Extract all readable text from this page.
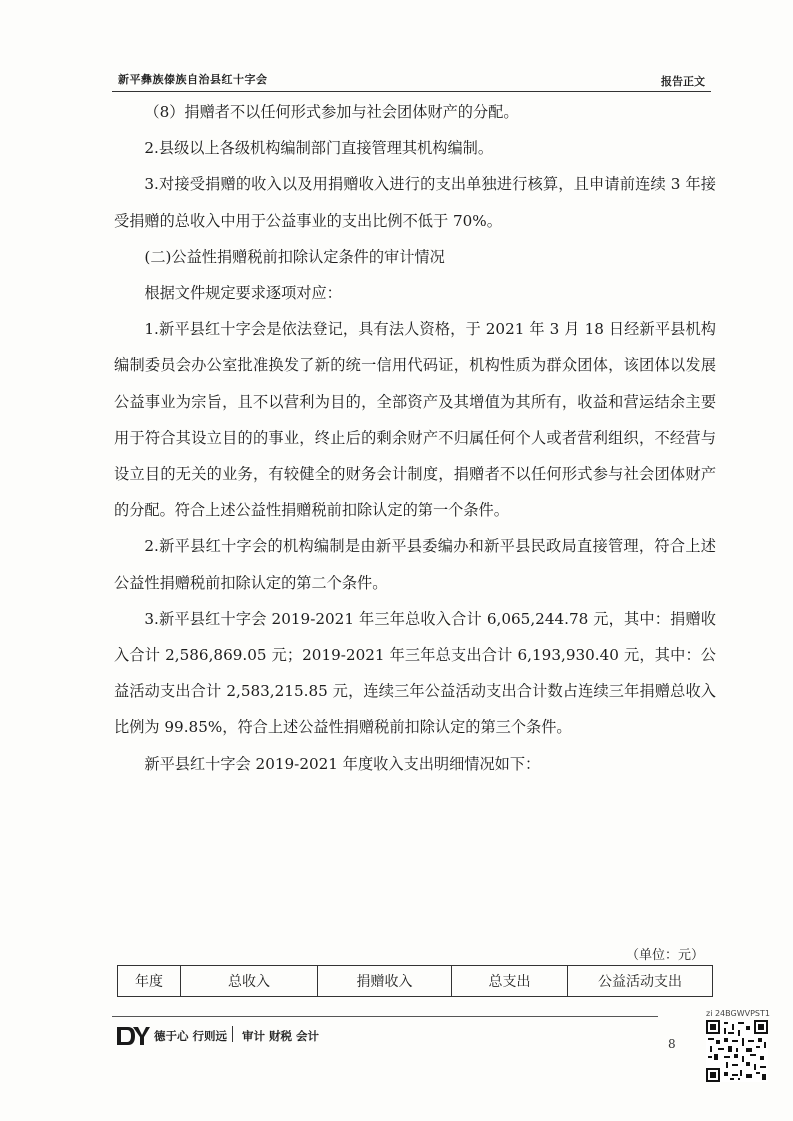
新平彝族傣族自治县红十字会	报告正文

（8）捐赠者不以任何形式参加与社会团体财产的分配。

2.县级以上各级机构编制部门直接管理其机构编制。

3.对接受捐赠的收入以及用捐赠收入进行的支出单独进行核算，且申请前连续 3 年接受捐赠的总收入中用于公益事业的支出比例不低于 70%。

(二)公益性捐赠税前扣除认定条件的审计情况

根据文件规定要求逐项对应：

1.新平县红十字会是依法登记，具有法人资格，于 2021 年 3 月 18 日经新平县机构编制委员会办公室批准换发了新的统一信用代码证，机构性质为群众团体，该团体以发展公益事业为宗旨，且不以营利为目的，全部资产及其增值为其所有，收益和营运结余主要用于符合其设立目的的事业，终止后的剩余财产不归属任何个人或者营利组织，不经营与设立目的无关的业务，有较健全的财务会计制度，捐赠者不以任何形式参与社会团体财产的分配。符合上述公益性捐赠税前扣除认定的第一个条件。

2.新平县红十字会的机构编制是由新平县委编办和新平县民政局直接管理，符合上述公益性捐赠税前扣除认定的第二个条件。

3.新平县红十字会 2019-2021 年三年总收入合计 6,065,244.78 元，其中：捐赠收入合计 2,586,869.05 元；2019-2021 年三年总支出合计 6,193,930.40 元，其中：公益活动支出合计 2,583,215.85 元，连续三年公益活动支出合计数占连续三年捐赠总收入比例为 99.85%，符合上述公益性捐赠税前扣除认定的第三个条件。

新平县红十字会 2019-2021 年度收入支出明细情况如下：

（单位：元）
年度	总收入	捐赠收入	总支出	公益活动支出
zi 24BGWVPST1
德于心 行则远 审计 财税 会计
8
